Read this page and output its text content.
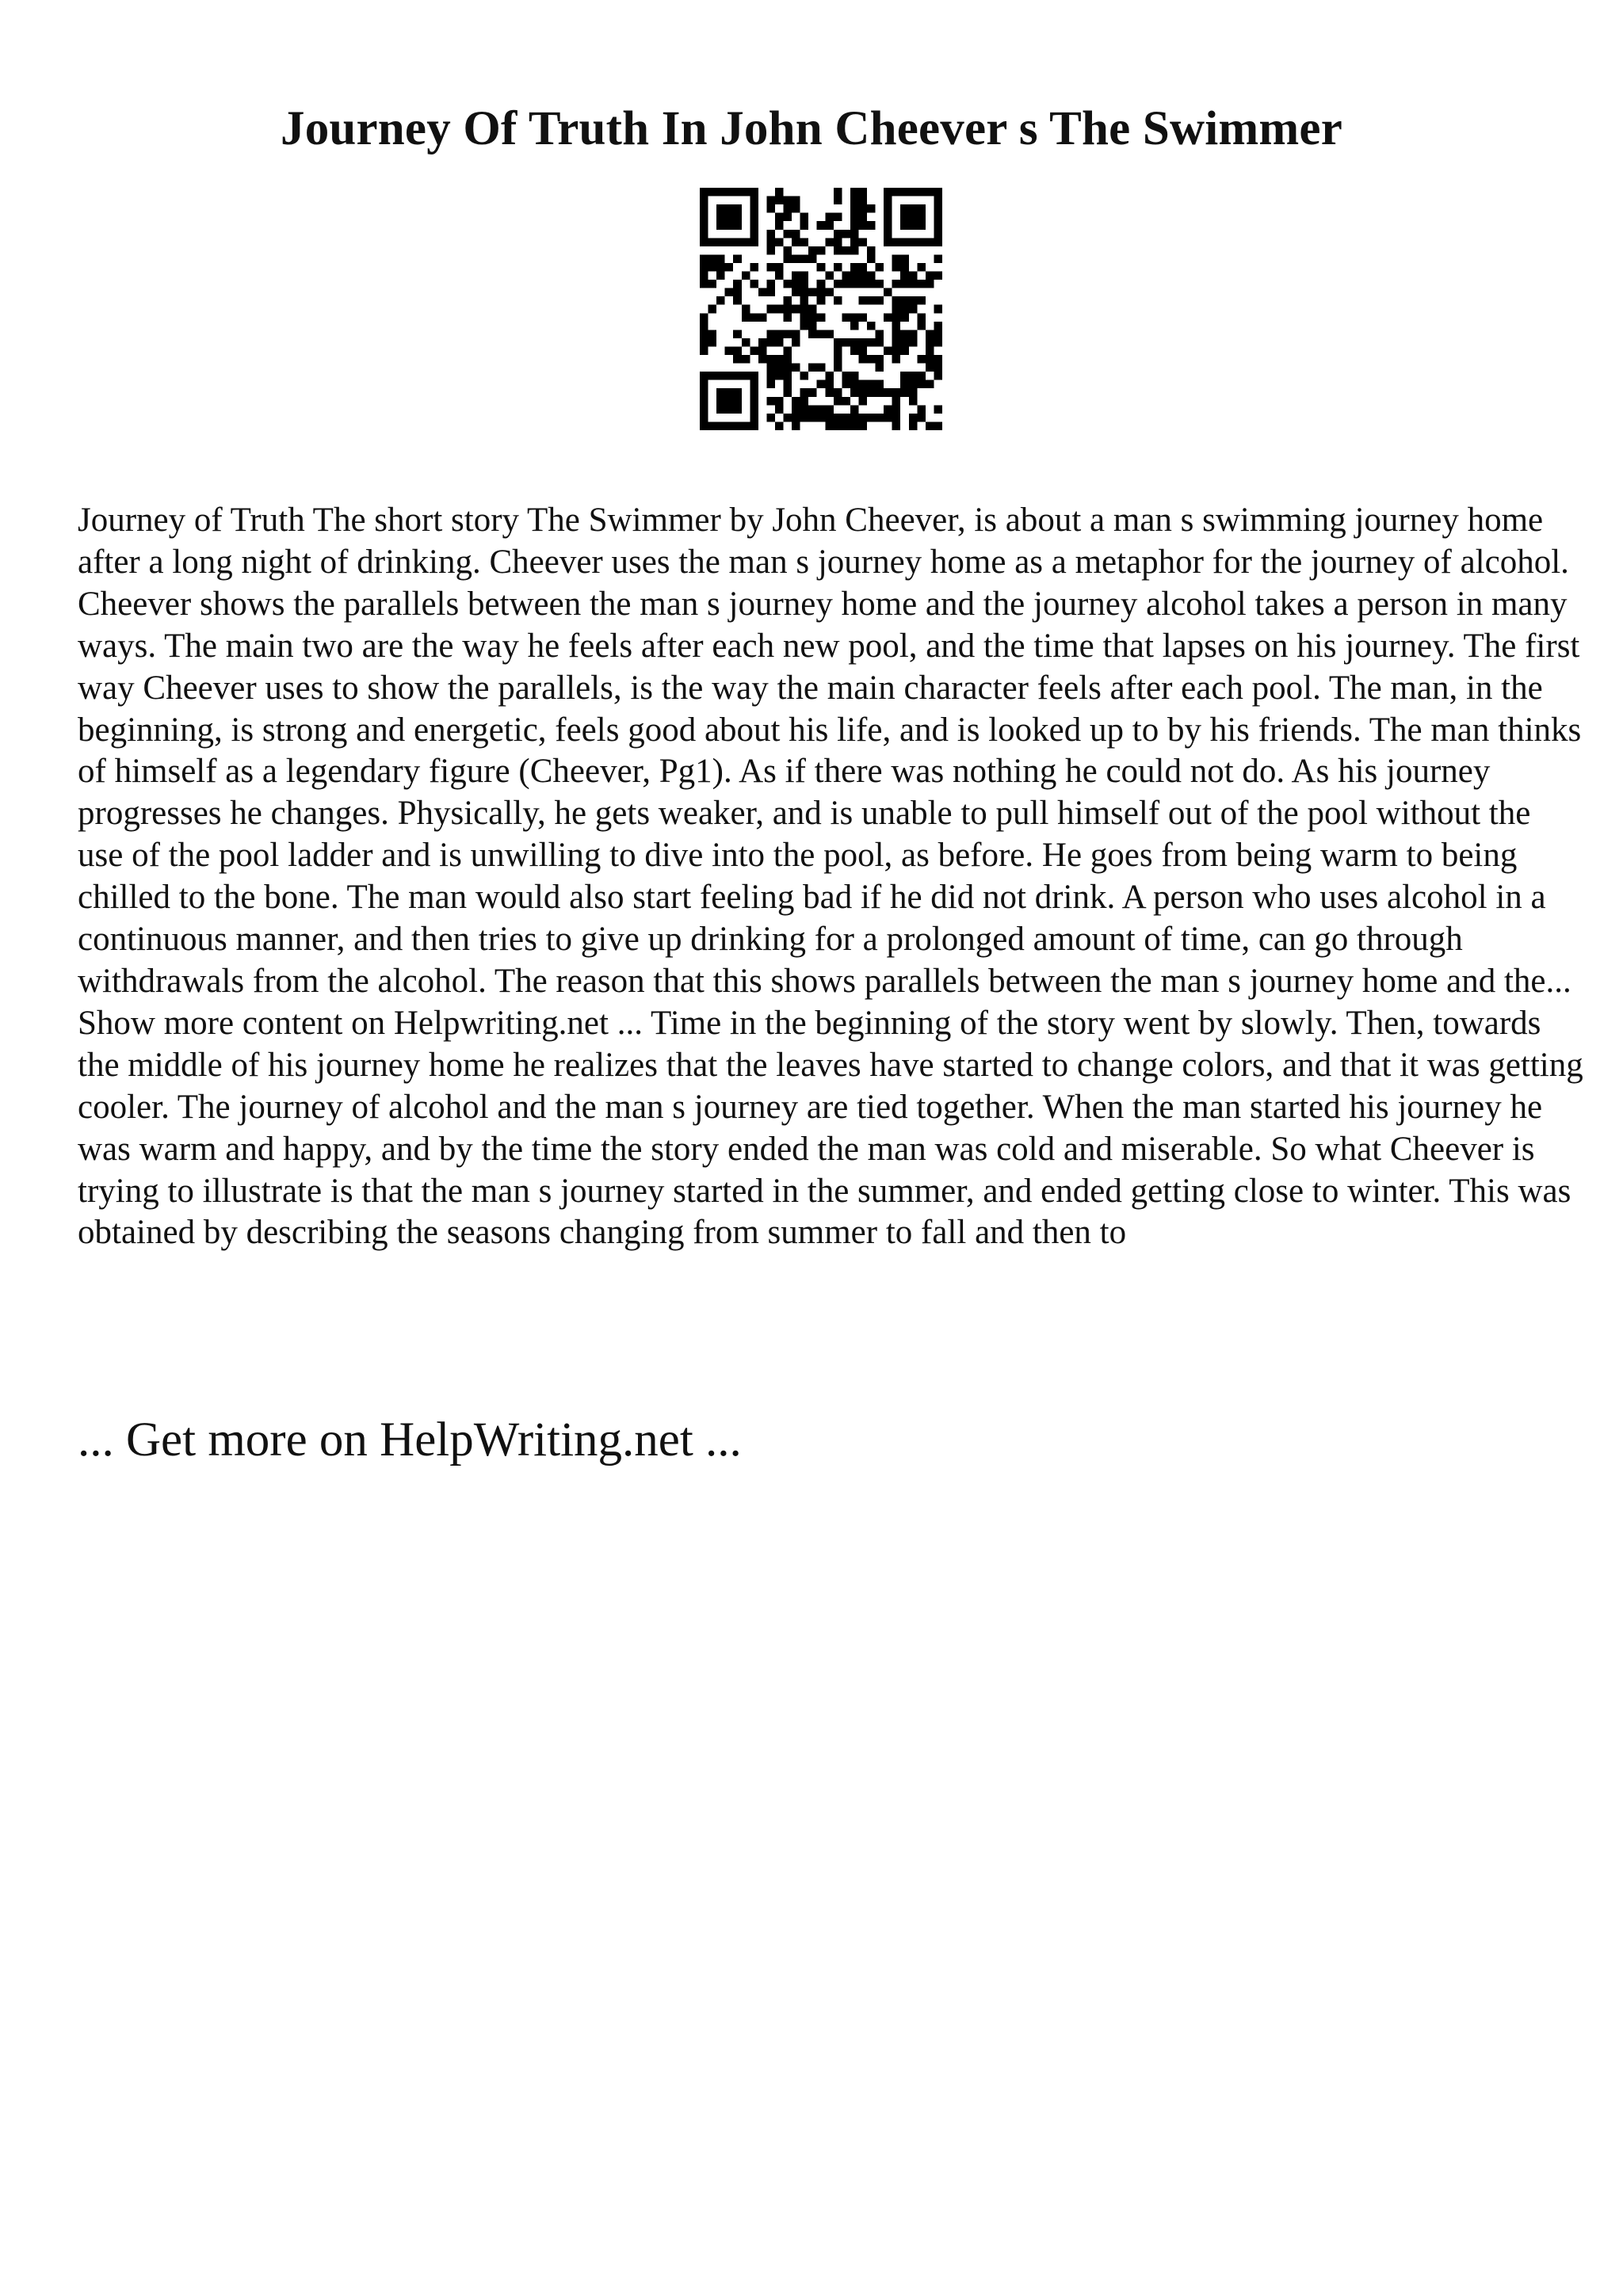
Journey Of Truth In John Cheever s The Swimmer

Journey of Truth The short story The Swimmer by John Cheever, is about a man s swimming journey home after a long night of drinking. Cheever uses the man s journey home as a metaphor for the journey of alcohol. Cheever shows the parallels between the man s journey home and the journey alcohol takes a person in many ways. The main two are the way he feels after each new pool, and the time that lapses on his journey. The first way Cheever uses to show the parallels, is the way the main character feels after each pool. The man, in the beginning, is strong and energetic, feels good about his life, and is looked up to by his friends. The man thinks of himself as a legendary figure (Cheever, Pg1). As if there was nothing he could not do. As his journey progresses he changes. Physically, he gets weaker, and is unable to pull himself out of the pool without the use of the pool ladder and is unwilling to dive into the pool, as before. He goes from being warm to being chilled to the bone. The man would also start feeling bad if he did not drink. A person who uses alcohol in a continuous manner, and then tries to give up drinking for a prolonged amount of time, can go through withdrawals from the alcohol. The reason that this shows parallels between the man s journey home and the... Show more content on Helpwriting.net ... Time in the beginning of the story went by slowly. Then, towards the middle of his journey home he realizes that the leaves have started to change colors, and that it was getting cooler. The journey of alcohol and the man s journey are tied together. When the man started his journey he was warm and happy, and by the time the story ended the man was cold and miserable. So what Cheever is trying to illustrate is that the man s journey started in the summer, and ended getting close to winter. This was obtained by describing the seasons changing from summer to fall and then to

... Get more on HelpWriting.net ...
